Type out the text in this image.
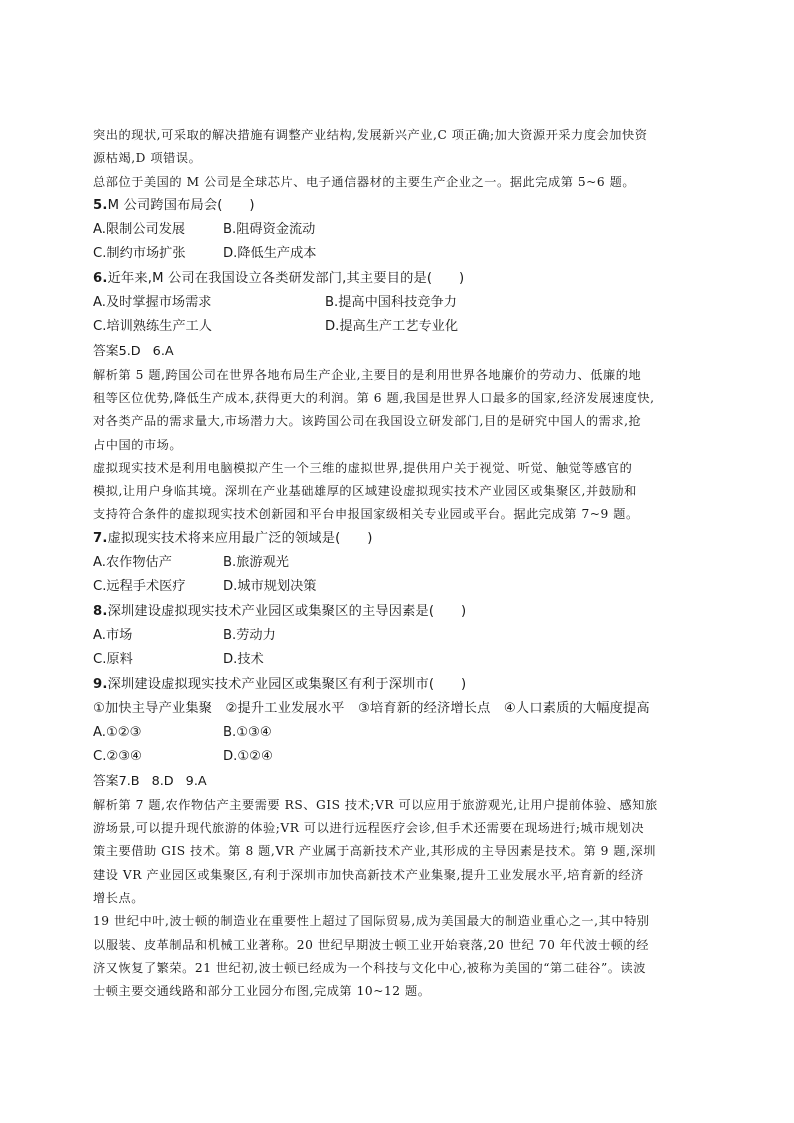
突出的现状,可采取的解决措施有调整产业结构,发展新兴产业,C 项正确;加大资源开采力度会加快资

源枯竭,D 项错误。

总部位于美国的 M 公司是全球芯片、电子通信器材的主要生产企业之一。据此完成第 5~6 题。

5.M 公司跨国布局会(　　)

A.限制公司发展	B.阻碍资金流动
C.制约市场扩张	D.降低生产成本

6.近年来,M 公司在我国设立各类研发部门,其主要目的是(　　)

A.及时掌握市场需求	B.提高中国科技竞争力
C.培训熟练生产工人	D.提高生产工艺专业化

答案5.D 6.A

解析第 5 题,跨国公司在世界各地布局生产企业,主要目的是利用世界各地廉价的劳动力、低廉的地

租等区位优势,降低生产成本,获得更大的利润。第 6 题,我国是世界人口最多的国家,经济发展速度快,

对各类产品的需求量大,市场潜力大。该跨国公司在我国设立研发部门,目的是研究中国人的需求,抢

占中国的市场。

虚拟现实技术是利用电脑模拟产生一个三维的虚拟世界,提供用户关于视觉、听觉、触觉等感官的

模拟,让用户身临其境。深圳在产业基础雄厚的区域建设虚拟现实技术产业园区或集聚区,并鼓励和

支持符合条件的虚拟现实技术创新园和平台申报国家级相关专业园或平台。据此完成第 7~9 题。

7.虚拟现实技术将来应用最广泛的领域是(　　)

A.农作物估产	B.旅游观光
C.远程手术医疗	D.城市规划决策

8.深圳建设虚拟现实技术产业园区或集聚区的主导因素是(　　)

A.市场	B.劳动力
C.原料	D.技术

9.深圳建设虚拟现实技术产业园区或集聚区有利于深圳市(　　)

①加快主导产业集聚　②提升工业发展水平　③培育新的经济增长点　④人口素质的大幅度提高

A.①②③	B.①③④
C.②③④	D.①②④

答案7.B 8.D 9.A

解析第 7 题,农作物估产主要需要 RS、GIS 技术;VR 可以应用于旅游观光,让用户提前体验、感知旅

游场景,可以提升现代旅游的体验;VR 可以进行远程医疗会诊,但手术还需要在现场进行;城市规划决

策主要借助 GIS 技术。第 8 题,VR 产业属于高新技术产业,其形成的主导因素是技术。第 9 题,深圳

建设 VR 产业园区或集聚区,有利于深圳市加快高新技术产业集聚,提升工业发展水平,培育新的经济

增长点。

19 世纪中叶,波士顿的制造业在重要性上超过了国际贸易,成为美国最大的制造业重心之一,其中特别

以服装、皮革制品和机械工业著称。20 世纪早期波士顿工业开始衰落,20 世纪 70 年代波士顿的经

济又恢复了繁荣。21 世纪初,波士顿已经成为一个科技与文化中心,被称为美国的“第二硅谷”。读波

士顿主要交通线路和部分工业园分布图,完成第 10~12 题。
